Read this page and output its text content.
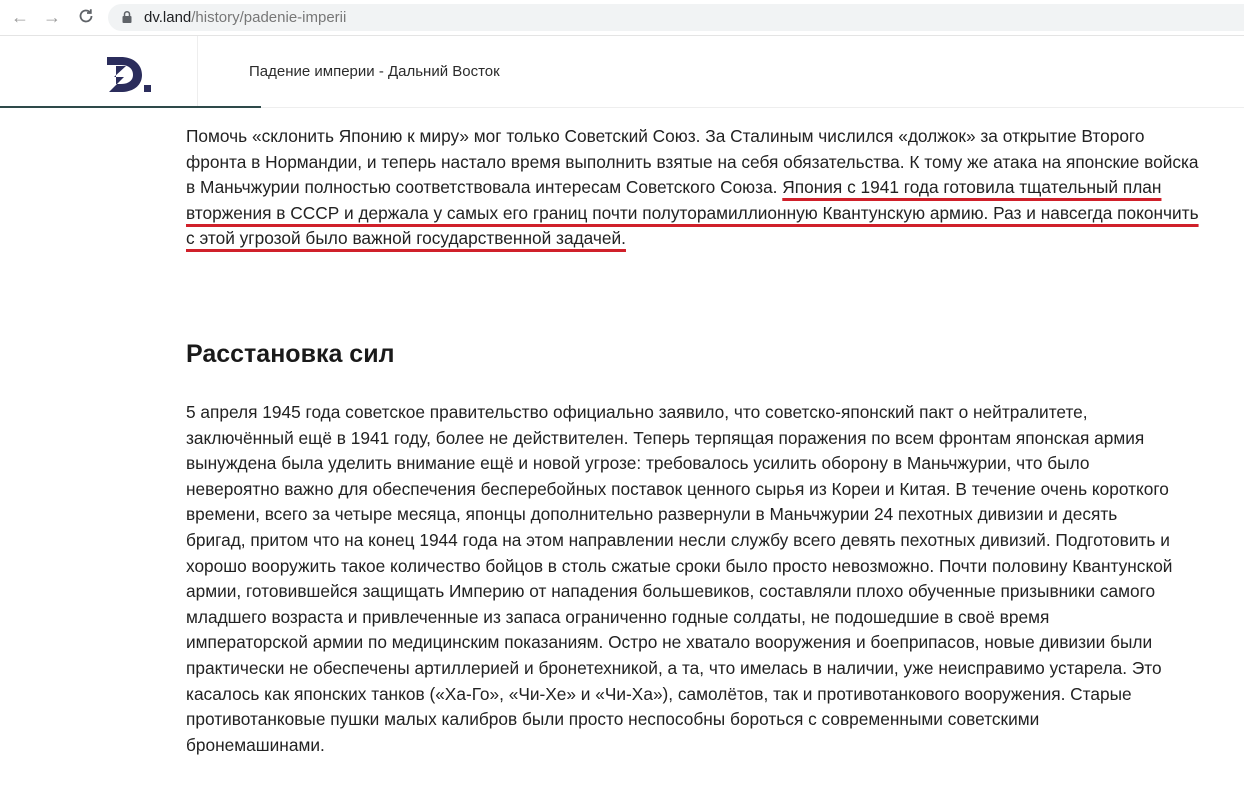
← →	dv.land/history/padenie-imperii
Падение империи - Дальний Восток

Помочь «склонить Японию к миру» мог только Советский Союз. За Сталиным числился «должок» за открытие Второго фронта в Нормандии, и теперь настало время выполнить взятые на себя обязательства. К тому же атака на японские войска в Маньчжурии полностью соответствовала интересам Советского Союза. Япония с 1941 года готовила тщательный план вторжения в СССР и держала у самых его границ почти полуторамиллионную Квантунскую армию. Раз и навсегда покончить с этой угрозой было важной государственной задачей.

Расстановка сил

5 апреля 1945 года советское правительство официально заявило, что советско-японский пакт о нейтралитете, заключённый ещё в 1941 году, более не действителен. Теперь терпящая поражения по всем фронтам японская армия вынуждена была уделить внимание ещё и новой угрозе: требовалось усилить оборону в Маньчжурии, что было невероятно важно для обеспечения бесперебойных поставок ценного сырья из Кореи и Китая. В течение очень короткого времени, всего за четыре месяца, японцы дополнительно развернули в Маньчжурии 24 пехотных дивизии и десять бригад, притом что на конец 1944 года на этом направлении несли службу всего девять пехотных дивизий. Подготовить и хорошо вооружить такое количество бойцов в столь сжатые сроки было просто невозможно. Почти половину Квантунской армии, готовившейся защищать Империю от нападения большевиков, составляли плохо обученные призывники самого младшего возраста и привлеченные из запаса ограниченно годные солдаты, не подошедшие в своё время императорской армии по медицинским показаниям. Остро не хватало вооружения и боеприпасов, новые дивизии были практически не обеспечены артиллерией и бронетехникой, а та, что имелась в наличии, уже неисправимо устарела. Это касалось как японских танков («Ха-Го», «Чи-Хе» и «Чи-Ха»), самолётов, так и противотанкового вооружения. Старые противотанковые пушки малых калибров были просто неспособны бороться с современными советскими бронемашинами.
